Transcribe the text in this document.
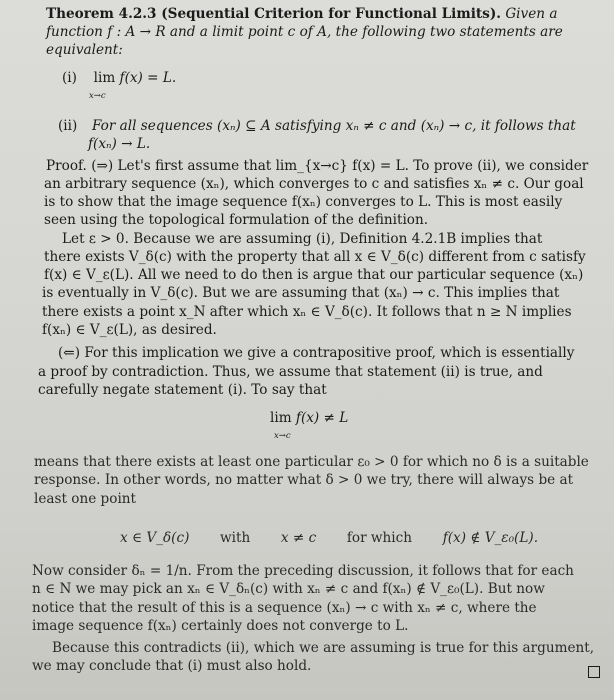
Theorem 4.2.3 (Sequential Criterion for Functional Limits). Given a
function f : A → R and a limit point c of A, the following two statements are
equivalent:
(i) lim f(x) = L.
x→c
(ii) For all sequences (xₙ) ⊆ A satisfying xₙ ≠ c and (xₙ) → c, it follows that
f(xₙ) → L.
Proof. (⇒) Let's first assume that lim_{x→c} f(x) = L. To prove (ii), we consider
an arbitrary sequence (xₙ), which converges to c and satisfies xₙ ≠ c. Our goal
is to show that the image sequence f(xₙ) converges to L. This is most easily
seen using the topological formulation of the definition.
Let ε > 0. Because we are assuming (i), Definition 4.2.1B implies that
there exists V_δ(c) with the property that all x ∈ V_δ(c) different from c satisfy
f(x) ∈ V_ε(L). All we need to do then is argue that our particular sequence (xₙ)
is eventually in V_δ(c). But we are assuming that (xₙ) → c. This implies that
there exists a point x_N after which xₙ ∈ V_δ(c). It follows that n ≥ N implies
f(xₙ) ∈ V_ε(L), as desired.
(⇐) For this implication we give a contrapositive proof, which is essentially
a proof by contradiction. Thus, we assume that statement (ii) is true, and
carefully negate statement (i). To say that
lim f(x) ≠ L
x→c
means that there exists at least one particular ε₀ > 0 for which no δ is a suitable
response. In other words, no matter what δ > 0 we try, there will always be at
least one point
x ∈ V_δ(c) with x ≠ c for which f(x) ∉ V_ε₀(L).
Now consider δₙ = 1/n. From the preceding discussion, it follows that for each
n ∈ N we may pick an xₙ ∈ V_δₙ(c) with xₙ ≠ c and f(xₙ) ∉ V_ε₀(L). But now
notice that the result of this is a sequence (xₙ) → c with xₙ ≠ c, where the
image sequence f(xₙ) certainly does not converge to L.
Because this contradicts (ii), which we are assuming is true for this argument,
we may conclude that (i) must also hold.
